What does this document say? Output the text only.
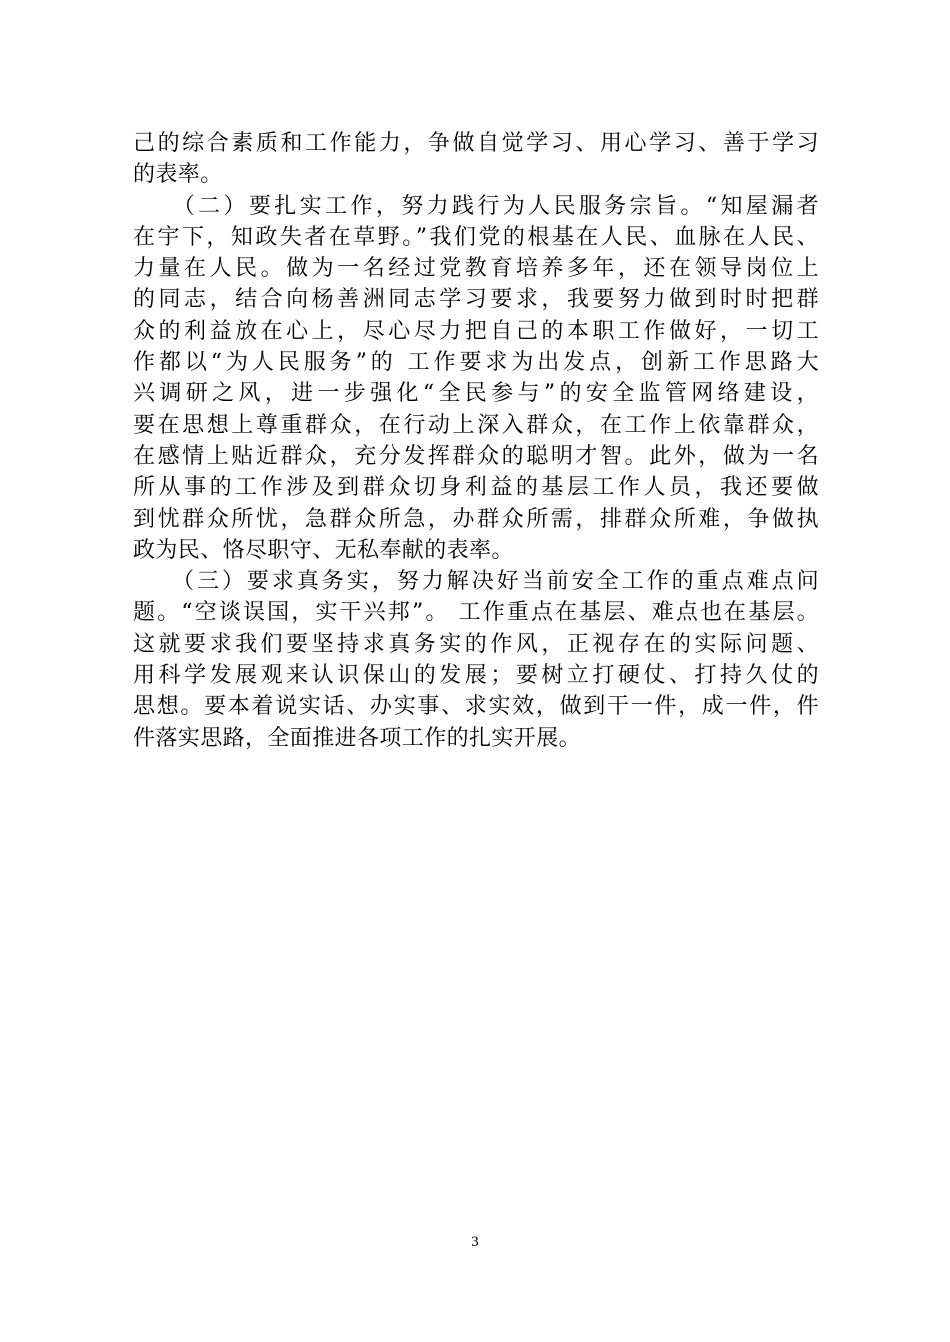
己的综合素质和工作能力，争做自觉学习、用心学习、善于学习
的表率。
　　（二）要扎实工作，努力践行为人民服务宗旨。“知屋漏者
在宇下，知政失者在草野。”我们党的根基在人民、血脉在人民、
力量在人民。做为一名经过党教育培养多年，还在领导岗位上
的同志，结合向杨善洲同志学习要求，我要努力做到时时把群
众的利益放在心上，尽心尽力把自己的本职工作做好，一切工
作都以“为人民服务”的 工作要求为出发点，创新工作思路大
兴调研之风，进一步强化“全民参与”的安全监管网络建设，
要在思想上尊重群众，在行动上深入群众，在工作上依靠群众，
在感情上贴近群众，充分发挥群众的聪明才智。此外，做为一名
所从事的工作涉及到群众切身利益的基层工作人员，我还要做
到忧群众所忧，急群众所急，办群众所需，排群众所难，争做执
政为民、恪尽职守、无私奉献的表率。
　　（三）要求真务实，努力解决好当前安全工作的重点难点问
题。“空谈误国，实干兴邦”。 工作重点在基层、难点也在基层。
这就要求我们要坚持求真务实的作风，正视存在的实际问题、
用科学发展观来认识保山的发展；要树立打硬仗、打持久仗的
思想。要本着说实话、办实事、求实效，做到干一件，成一件，件
件落实思路，全面推进各项工作的扎实开展。
3
